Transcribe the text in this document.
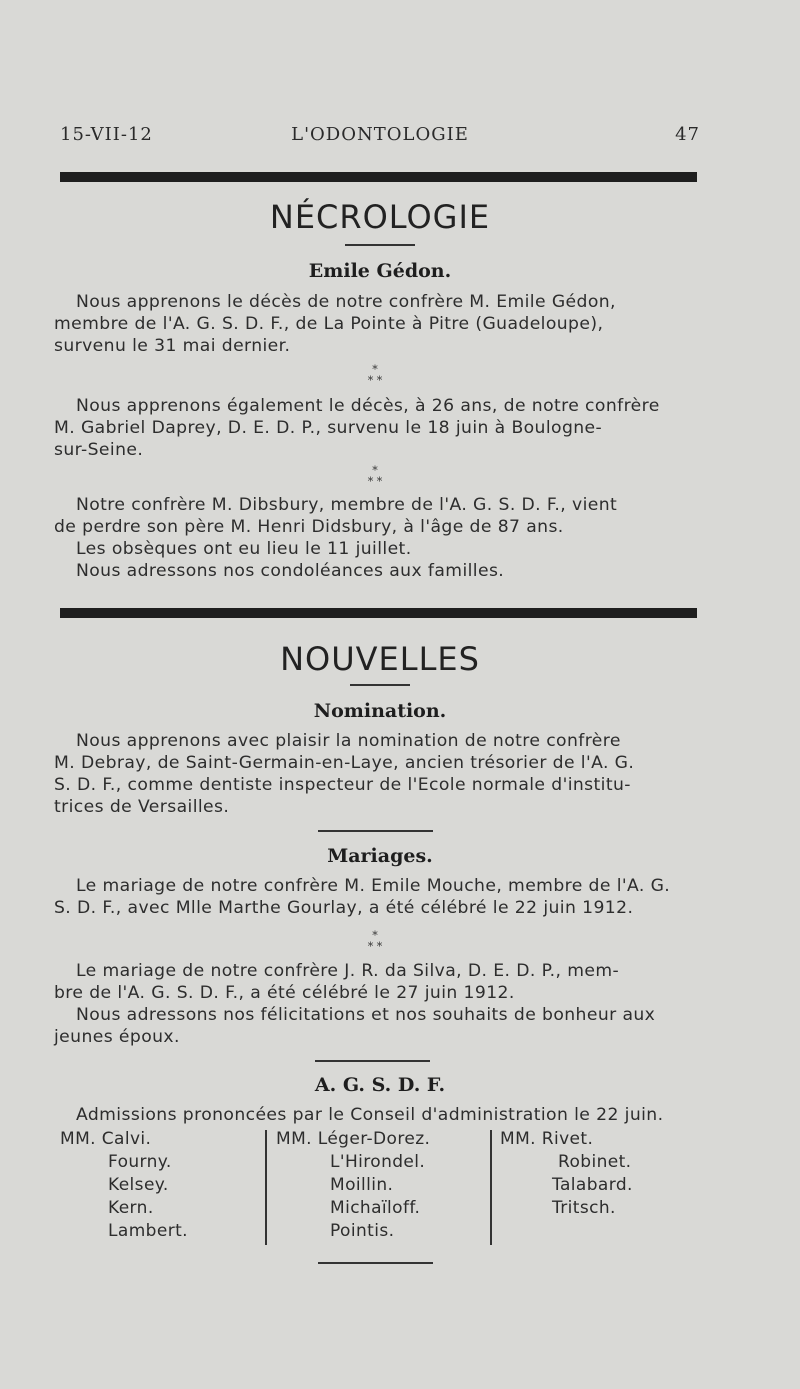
15-VII-12	L'ODONTOLOGIE	47
NÉCROLOGIE
Emile Gédon.
Nous apprenons le décès de notre confrère M. Emile Gédon,
membre de l'A. G. S. D. F., de La Pointe à Pitre (Guadeloupe),
survenu le 31 mai dernier.
*
* *
Nous apprenons également le décès, à 26 ans, de notre confrère
M. Gabriel Daprey, D. E. D. P., survenu le 18 juin à Boulogne-
sur-Seine.
*
* *
Notre confrère M. Dibsbury, membre de l'A. G. S. D. F., vient
de perdre son père M. Henri Didsbury, à l'âge de 87 ans.
Les obsèques ont eu lieu le 11 juillet.
Nous adressons nos condoléances aux familles.
NOUVELLES
Nomination.
Nous apprenons avec plaisir la nomination de notre confrère
M. Debray, de Saint-Germain-en-Laye, ancien trésorier de l'A. G.
S. D. F., comme dentiste inspecteur de l'Ecole normale d'institu-
trices de Versailles.
Mariages.
Le mariage de notre confrère M. Emile Mouche, membre de l'A. G.
S. D. F., avec Mlle Marthe Gourlay, a été célébré le 22 juin 1912.
*
* *
Le mariage de notre confrère J. R. da Silva, D. E. D. P., mem-
bre de l'A. G. S. D. F., a été célébré le 27 juin 1912.
Nous adressons nos félicitations et nos souhaits de bonheur aux
jeunes époux.
A. G. S. D. F.
Admissions prononcées par le Conseil d'administration le 22 juin.
MM. Calvi.
Fourny.
Kelsey.
Kern.
Lambert.
MM. Léger-Dorez.
L'Hirondel.
Moillin.
Michaïloff.
Pointis.
MM. Rivet.
Robinet.
Talabard.
Tritsch.
